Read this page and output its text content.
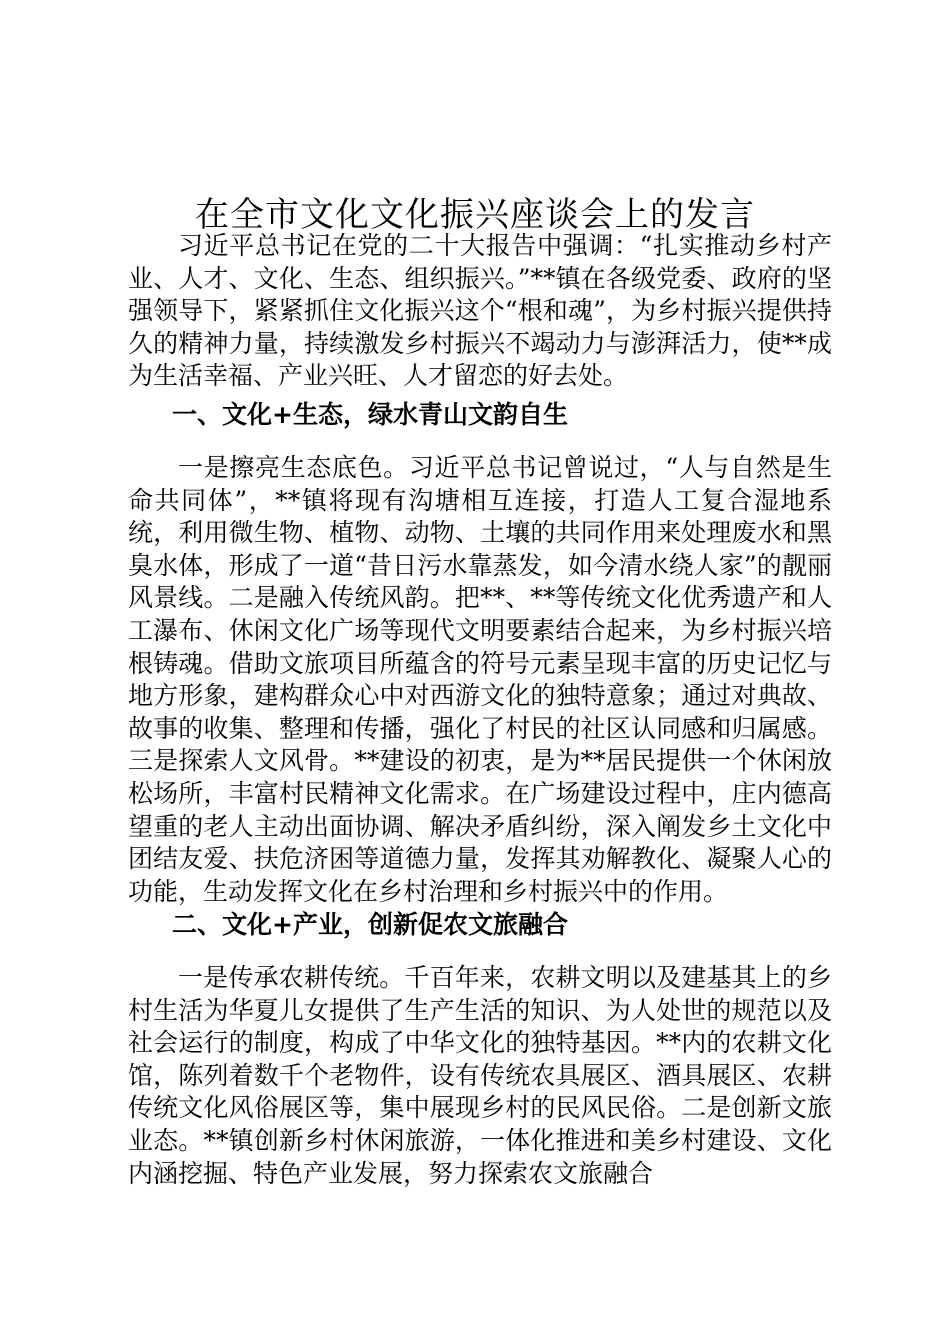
在全市文化文化振兴座谈会上的发言

习近平总书记在党的二十大报告中强调：“扎实推动乡村产业、人才、文化、生态、组织振兴。”**镇在各级党委、政府的坚强领导下，紧紧抓住文化振兴这个“根和魂”，为乡村振兴提供持久的精神力量，持续激发乡村振兴不竭动力与澎湃活力，使**成为生活幸福、产业兴旺、人才留恋的好去处。

一、文化+生态，绿水青山文韵自生

一是擦亮生态底色。习近平总书记曾说过，“人与自然是生命共同体”，**镇将现有沟塘相互连接，打造人工复合湿地系统，利用微生物、植物、动物、土壤的共同作用来处理废水和黑臭水体，形成了一道“昔日污水靠蒸发，如今清水绕人家”的靓丽风景线。二是融入传统风韵。把**、**等传统文化优秀遗产和人工瀑布、休闲文化广场等现代文明要素结合起来，为乡村振兴培根铸魂。借助文旅项目所蕴含的符号元素呈现丰富的历史记忆与地方形象，建构群众心中对西游文化的独特意象；通过对典故、故事的收集、整理和传播，强化了村民的社区认同感和归属感。三是探索人文风骨。**建设的初衷，是为**居民提供一个休闲放松场所，丰富村民精神文化需求。在广场建设过程中，庄内德高望重的老人主动出面协调、解决矛盾纠纷，深入阐发乡土文化中团结友爱、扶危济困等道德力量，发挥其劝解教化、凝聚人心的功能，生动发挥文化在乡村治理和乡村振兴中的作用。

二、文化+产业，创新促农文旅融合

一是传承农耕传统。千百年来，农耕文明以及建基其上的乡村生活为华夏儿女提供了生产生活的知识、为人处世的规范以及社会运行的制度，构成了中华文化的独特基因。**内的农耕文化馆，陈列着数千个老物件，设有传统农具展区、酒具展区、农耕传统文化风俗展区等，集中展现乡村的民风民俗。二是创新文旅业态。**镇创新乡村休闲旅游，一体化推进和美乡村建设、文化内涵挖掘、特色产业发展，努力探索农文旅融合
